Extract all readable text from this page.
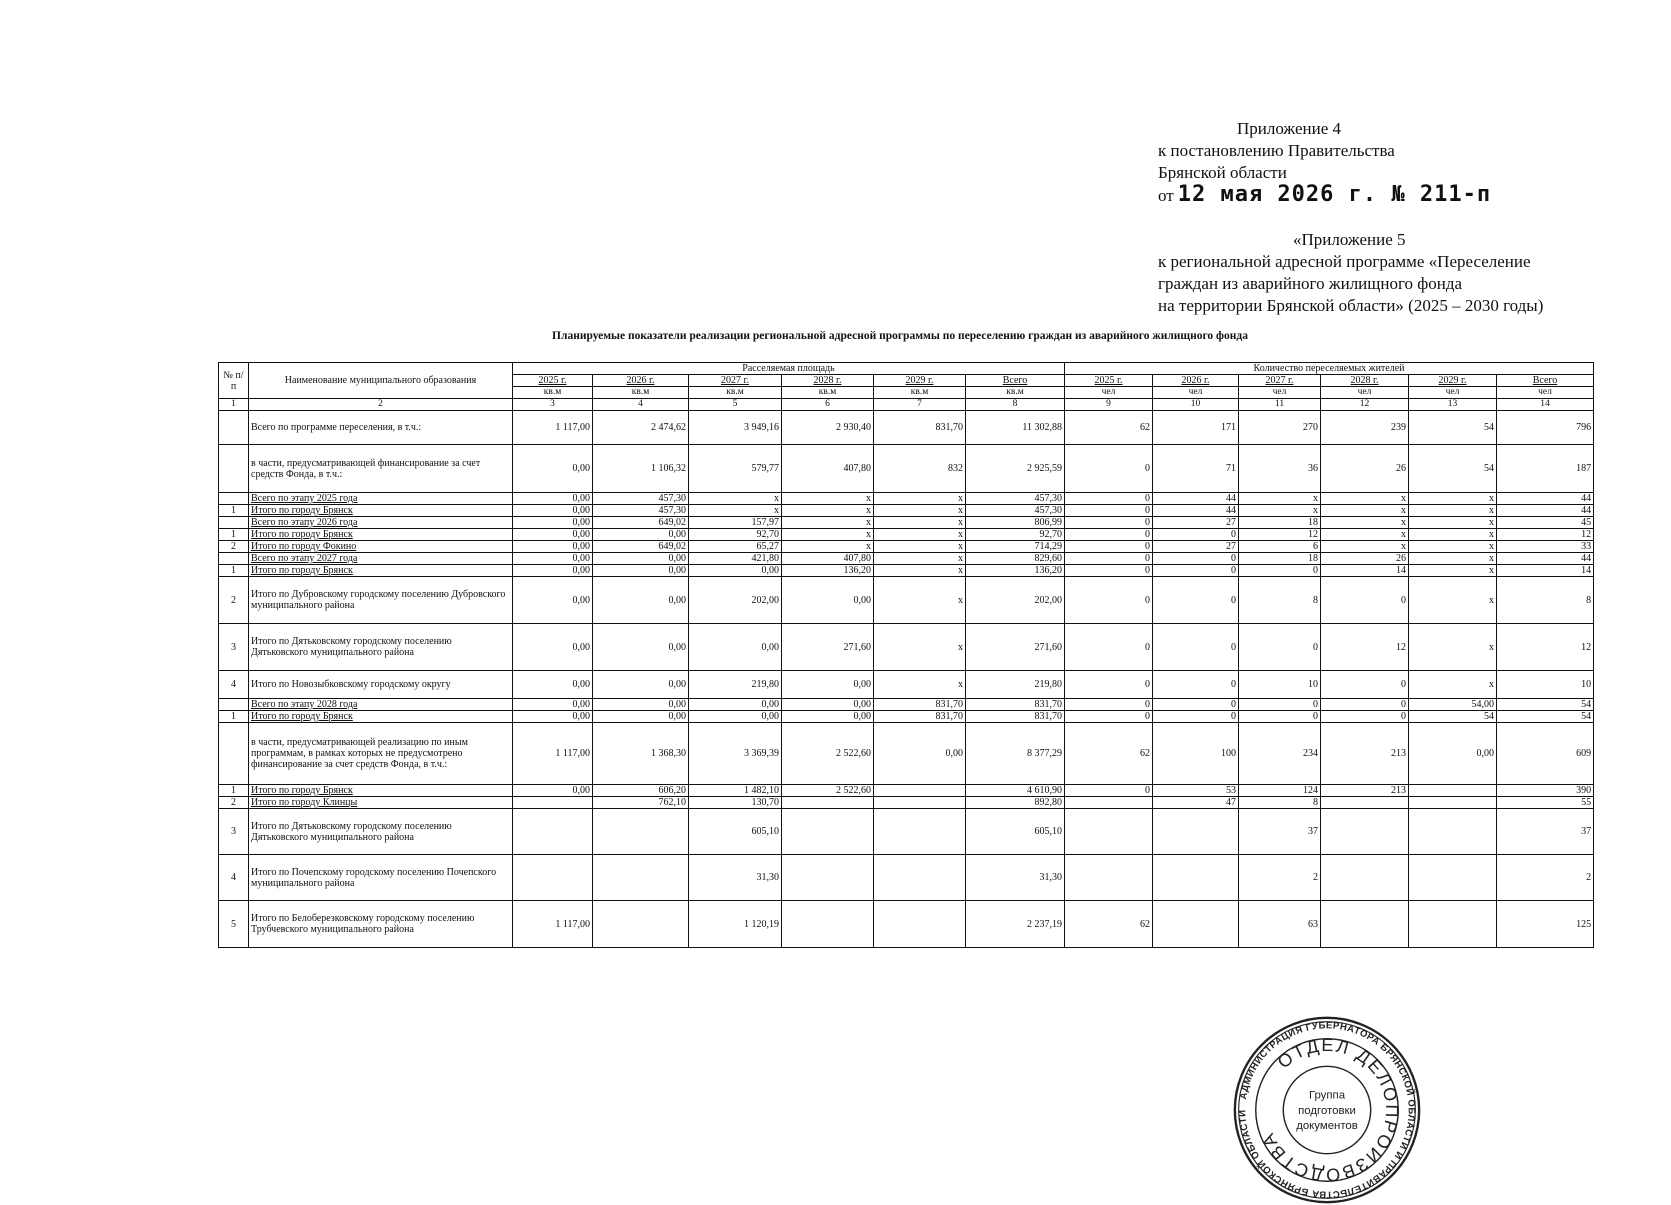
Приложение 4
к постановлению Правительства
Брянской области
от 12 мая 2026 г. № 211-п
«Приложение 5
к региональной адресной программе «Переселение
граждан из аварийного жилищного фонда
на территории Брянской области» (2025 – 2030 годы)
Планируемые показатели реализации региональной адресной программы по переселению граждан из аварийного жилищного фонда
№ п/п	Наименование муниципального образования	Расселяемая площадь						Количество переселяемых жителей					
		2025 г.	2026 г.	2027 г.	2028 г.	2029 г.	Всего	2025 г.	2026 г.	2027 г.	2028 г.	2029 г.	Всего
		кв.м	кв.м	кв.м	кв.м	кв.м	кв.м	чел	чел	чел	чел	чел	чел
1	2	3	4	5	6	7	8	9	10	11	12	13	14
	Всего по программе переселения, в т.ч.:	1 117,00	2 474,62	3 949,16	2 930,40	831,70	11 302,88	62	171	270	239	54	796
	в части, предусматривающей финансирование за счет средств Фонда, в т.ч.:	0,00	1 106,32	579,77	407,80	832	2 925,59	0	71	36	26	54	187
	Всего по этапу 2025 года	0,00	457,30	x	x	x	457,30	0	44	x	x	x	44
1	Итого по городу Брянск	0,00	457,30	x	x	x	457,30	0	44	x	x	x	44
	Всего по этапу 2026 года	0,00	649,02	157,97	x	x	806,99	0	27	18	x	x	45
1	Итого по городу Брянск	0,00	0,00	92,70	x	x	92,70	0	0	12	x	x	12
2	Итого по городу Фокино	0,00	649,02	65,27	x	x	714,29	0	27	6	x	x	33
	Всего по этапу 2027 года	0,00	0,00	421,80	407,80	x	829,60	0	0	18	26	x	44
1	Итого по городу Брянск	0,00	0,00	0,00	136,20	x	136,20	0	0	0	14	x	14
2	Итого по Дубровскому городскому поселению Дубровского муниципального района	0,00	0,00	202,00	0,00	x	202,00	0	0	8	0	x	8
3	Итого по Дятьковскому городскому поселению Дятьковского муниципального района	0,00	0,00	0,00	271,60	x	271,60	0	0	0	12	x	12
4	Итого по Новозыбковскому городскому округу	0,00	0,00	219,80	0,00	x	219,80	0	0	10	0	x	10
	Всего по этапу 2028 года	0,00	0,00	0,00	0,00	831,70	831,70	0	0	0	0	54,00	54
1	Итого по городу Брянск	0,00	0,00	0,00	0,00	831,70	831,70	0	0	0	0	54	54
	в части, предусматривающей реализацию по иным программам, в рамках которых не предусмотрено финансирование за счет средств Фонда, в т.ч.:	1 117,00	1 368,30	3 369,39	2 522,60	0,00	8 377,29	62	100	234	213	0,00	609
1	Итого по городу Брянск	0,00	606,20	1 482,10	2 522,60		4 610,90	0	53	124	213		390
2	Итого по городу Клинцы		762,10	130,70			892,80		47	8			55
3	Итого по Дятьковскому городскому поселению Дятьковского муниципального района			605,10			605,10			37			37
4	Итого по Почепскому городскому поселению Почепского муниципального района			31,30			31,30			2			2
5	Итого по Белоберезковскому городскому поселению Трубчевского муниципального района	1 117,00		1 120,19			2 237,19	62		63			125
АДМИНИСТРАЦИЯ ГУБЕРНАТОРА БРЯНСКОЙ ОБЛАСТИ И ПРАВИТЕЛЬСТВА БРЯНСКОЙ ОБЛАСТИ
ОТДЕЛ ДЕЛОПРОИЗВОДСТВА
Группа
подготовки
документов
